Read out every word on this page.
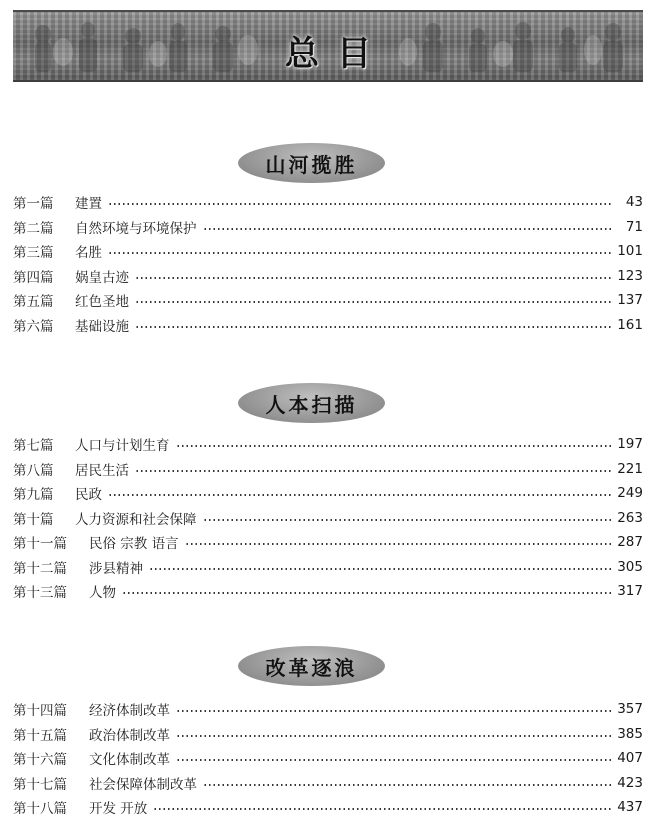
总目
山河揽胜
第一篇	建置	43
第二篇	自然环境与环境保护	71
第三篇	名胜	101
第四篇	娲皇古迹	123
第五篇	红色圣地	137
第六篇	基础设施	161
人本扫描
第七篇	人口与计划生育	197
第八篇	居民生活	221
第九篇	民政	249
第十篇	人力资源和社会保障	263
第十一篇	民俗 宗教 语言	287
第十二篇	涉县精神	305
第十三篇	人物	317
改革逐浪
第十四篇	经济体制改革	357
第十五篇	政治体制改革	385
第十六篇	文化体制改革	407
第十七篇	社会保障体制改革	423
第十八篇	开发 开放	437
